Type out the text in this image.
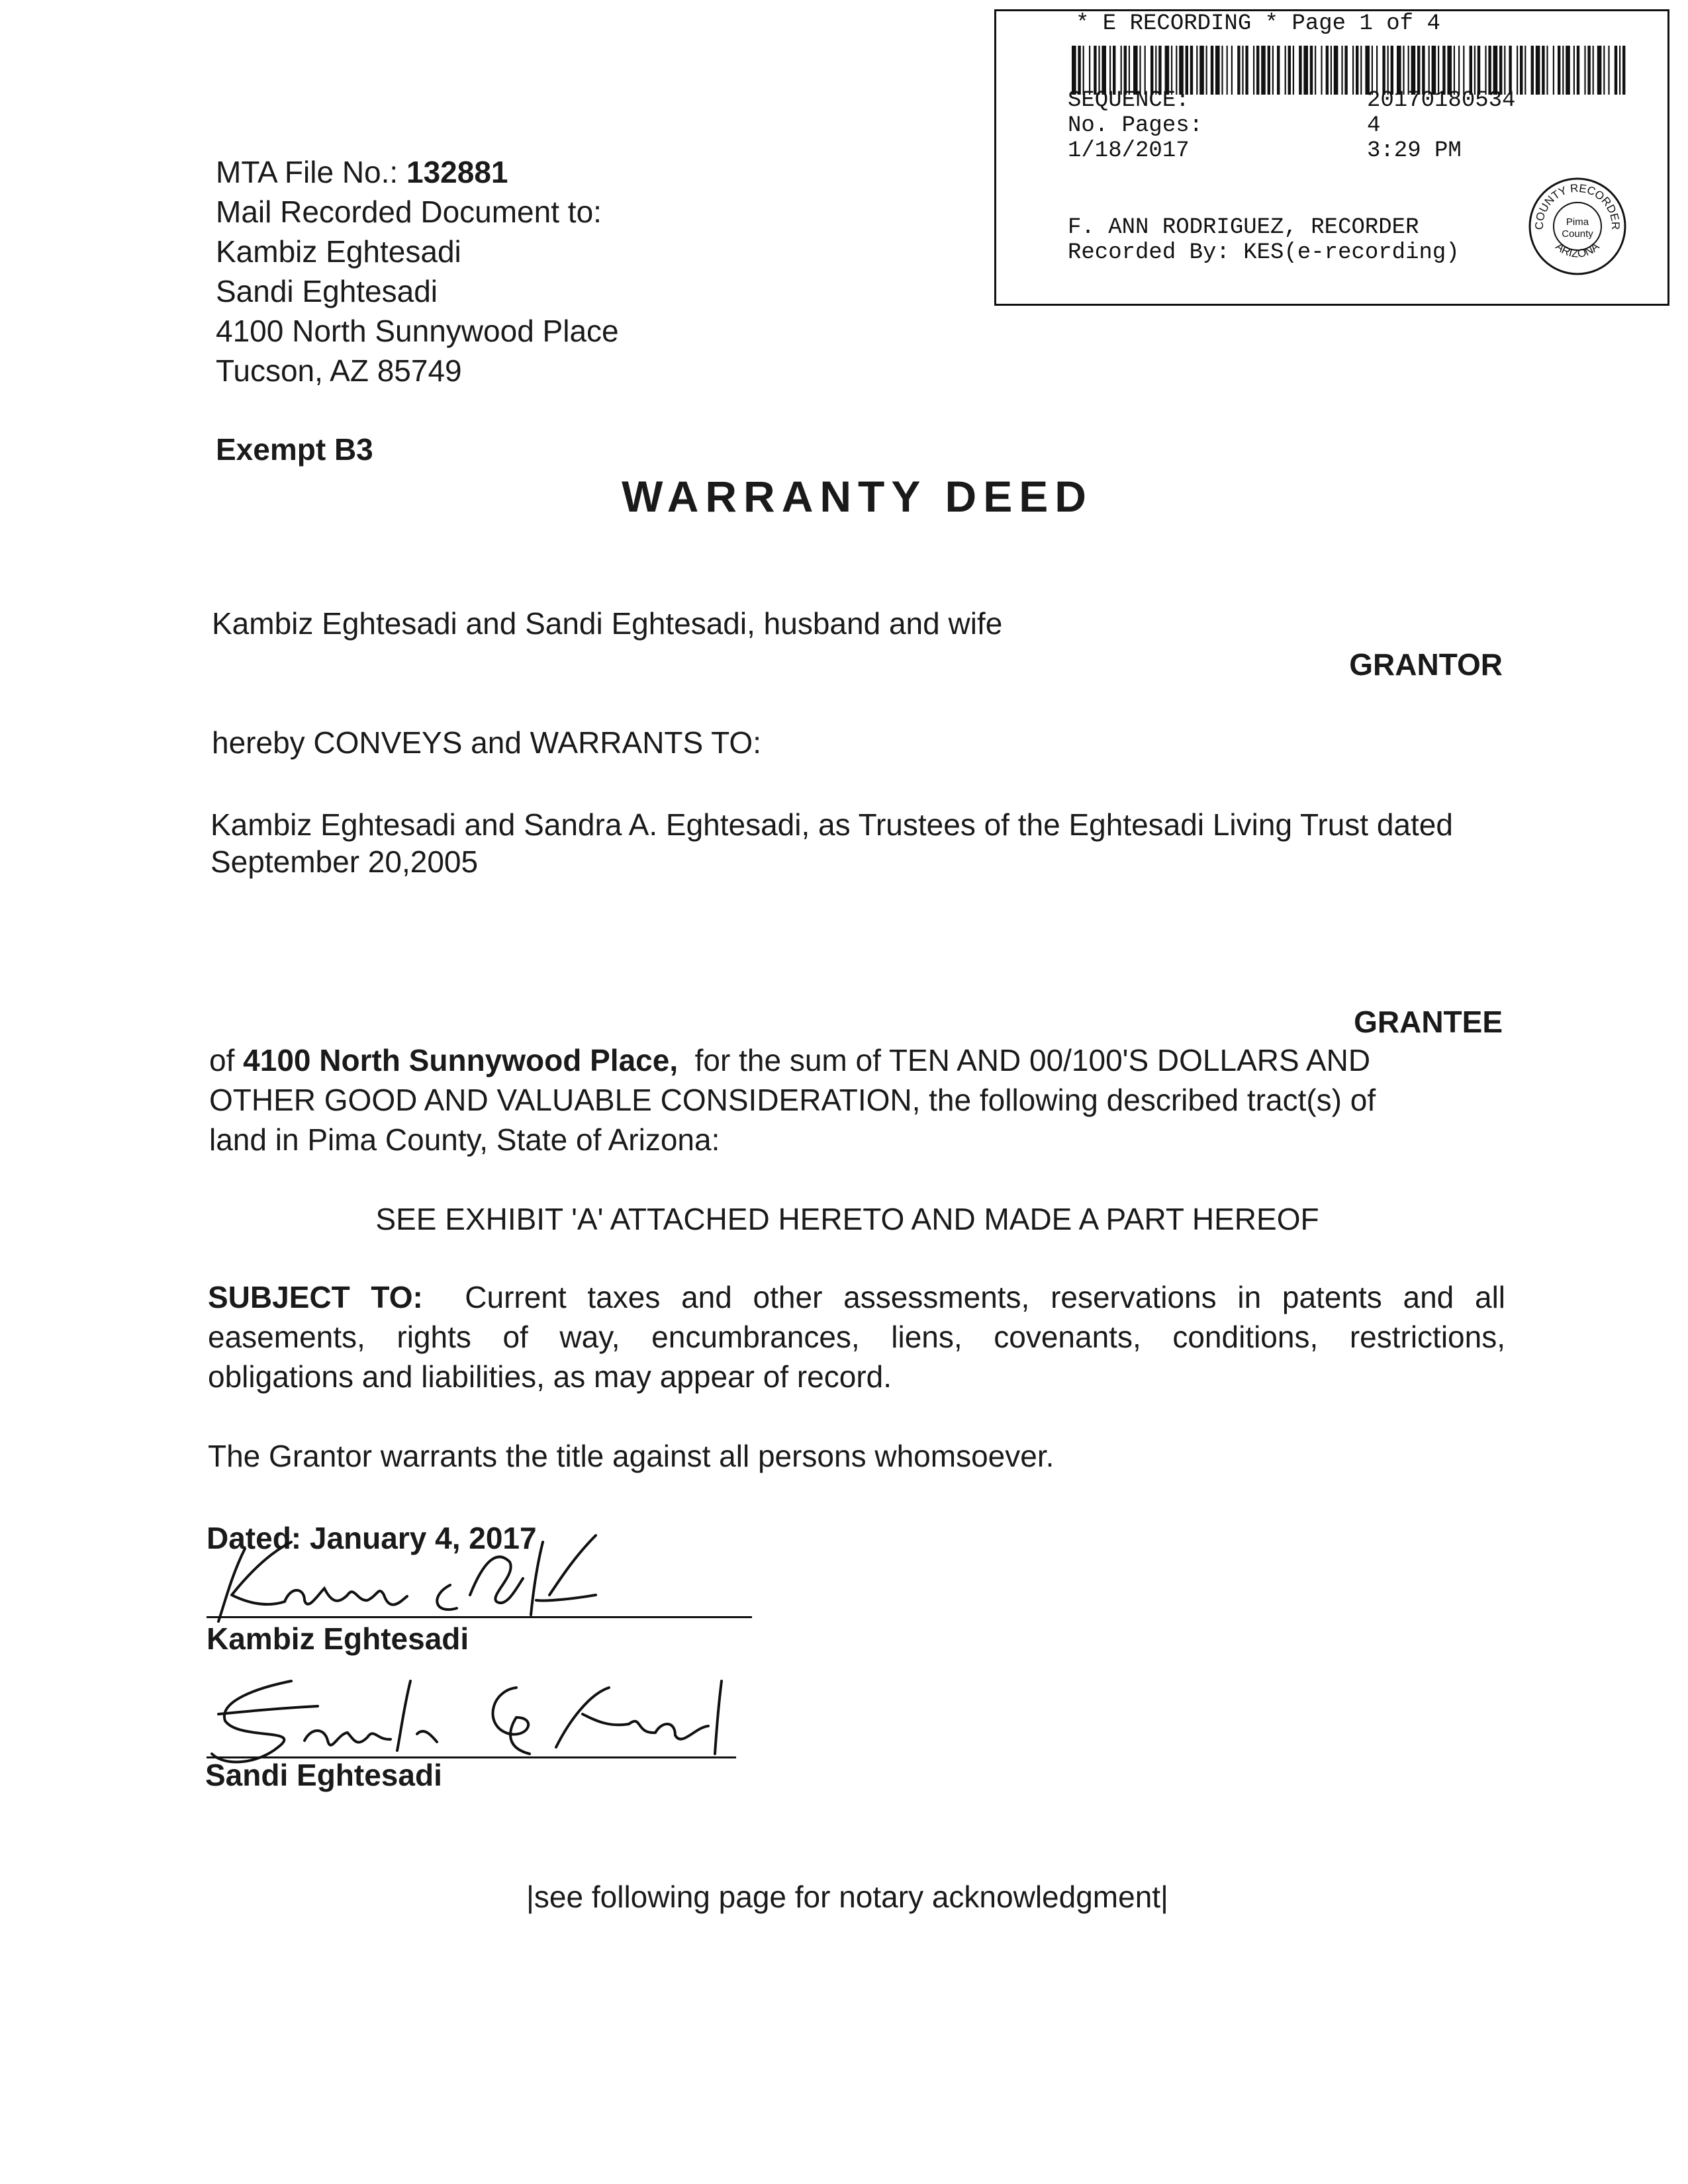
* E RECORDING * Page 1 of 4
SEQUENCE:	20170180534
No. Pages:	4
1/18/2017	3:29 PM
F. ANN RODRIGUEZ, RECORDER
Recorded By: KES(e-recording)
COUNTY RECORDER
ARIZONA
Pima
County
MTA File No.: 132881
Mail Recorded Document to:
Kambiz Eghtesadi
Sandi Eghtesadi
4100 North Sunnywood Place
Tucson, AZ 85749
Exempt B3
WARRANTY DEED
Kambiz Eghtesadi and Sandi Eghtesadi, husband and wife
GRANTOR
hereby CONVEYS and WARRANTS TO:
Kambiz Eghtesadi and Sandra A. Eghtesadi, as Trustees of the Eghtesadi Living Trust dated
September 20,2005
GRANTEE
of 4100 North Sunnywood Place,  for the sum of TEN AND 00/100'S DOLLARS AND
OTHER GOOD AND VALUABLE CONSIDERATION, the following described tract(s) of
land in Pima County, State of Arizona:
SEE EXHIBIT 'A' ATTACHED HERETO AND MADE A PART HEREOF
SUBJECT TO: Current taxes and other assessments, reservations in patents and all
easements, rights of way, encumbrances, liens, covenants, conditions, restrictions,
obligations and liabilities, as may appear of record.
The Grantor warrants the title against all persons whomsoever.
Dated: January 4, 2017
Kambiz Eghtesadi
Sandi Eghtesadi
|see following page for notary acknowledgment|
